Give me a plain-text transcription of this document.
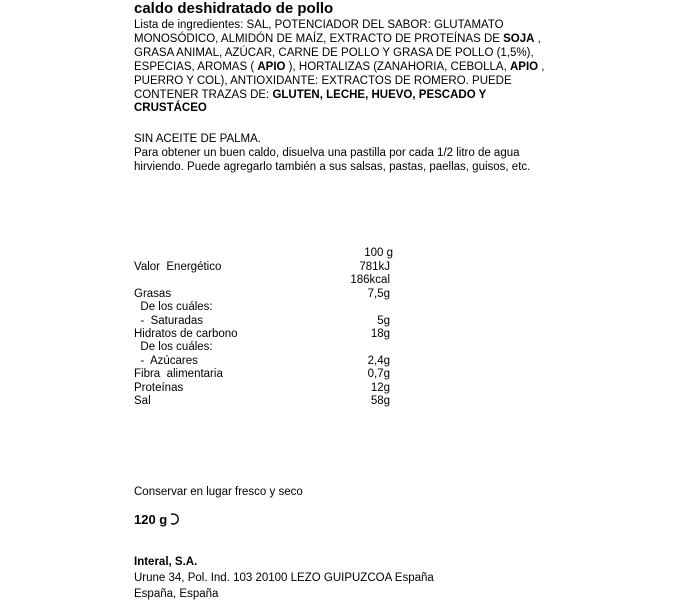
caldo deshidratado de pollo
Lista de ingredientes: SAL, POTENCIADOR DEL SABOR: GLUTAMATO
MONOSÓDICO, ALMIDÓN DE MAÍZ, EXTRACTO DE PROTEÍNAS DE SOJA ,
GRASA ANIMAL, AZÚCAR, CARNE DE POLLO Y GRASA DE POLLO (1,5%),
ESPECIAS, AROMAS ( APIO ), HORTALIZAS (ZANAHORIA, CEBOLLA, APIO ,
PUERRO Y COL), ANTIOXIDANTE: EXTRACTOS DE ROMERO. PUEDE
CONTENER TRAZAS DE: GLUTEN, LECHE, HUEVO, PESCADO Y
CRUSTÁCEO
SIN ACEITE DE PALMA.
Para obtener un buen caldo, disuelva una pastilla por cada 1/2 litro de agua
hirviendo. Puede agregarlo también a sus salsas, pastas, paellas, guisos, etc.
100 g
Valor  Energético	781kJ
186kcal
Grasas	7,5g
De los cuáles:
-  Saturadas	5g
Hidratos de carbono	18g
De los cuáles:
-  Azúcares	2,4g
Fibra  alimentaria	0,7g
Proteínas	12g
Sal	58g
Conservar en lugar fresco y seco
120 g
Interal, S.A.
Urune 34, Pol. Ind. 103 20100 LEZO GUIPUZCOA España
España, España
